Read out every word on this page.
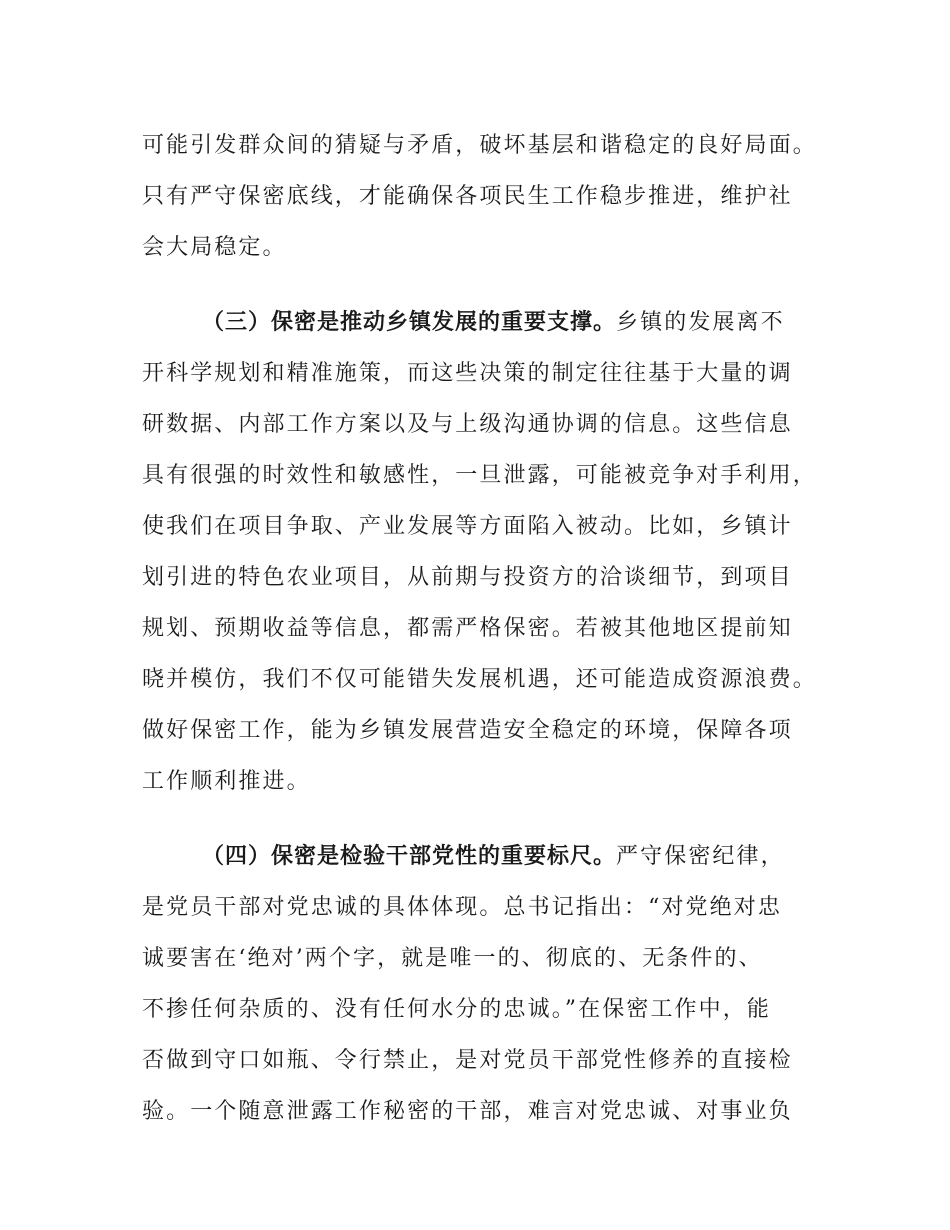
可能引发群众间的猜疑与矛盾，破坏基层和谐稳定的良好局面。
只有严守保密底线，才能确保各项民生工作稳步推进，维护社
会大局稳定。
（三）保密是推动乡镇发展的重要支撑。乡镇的发展离不
开科学规划和精准施策，而这些决策的制定往往基于大量的调
研数据、内部工作方案以及与上级沟通协调的信息。这些信息
具有很强的时效性和敏感性，一旦泄露，可能被竞争对手利用，
使我们在项目争取、产业发展等方面陷入被动。比如，乡镇计
划引进的特色农业项目，从前期与投资方的洽谈细节，到项目
规划、预期收益等信息，都需严格保密。若被其他地区提前知
晓并模仿，我们不仅可能错失发展机遇，还可能造成资源浪费。
做好保密工作，能为乡镇发展营造安全稳定的环境，保障各项
工作顺利推进。
（四）保密是检验干部党性的重要标尺。严守保密纪律，
是党员干部对党忠诚的具体体现。总书记指出：“对党绝对忠
诚要害在‘绝对’两个字，就是唯一的、彻底的、无条件的、
不掺任何杂质的、没有任何水分的忠诚。”在保密工作中，能
否做到守口如瓶、令行禁止，是对党员干部党性修养的直接检
验。一个随意泄露工作秘密的干部，难言对党忠诚、对事业负
